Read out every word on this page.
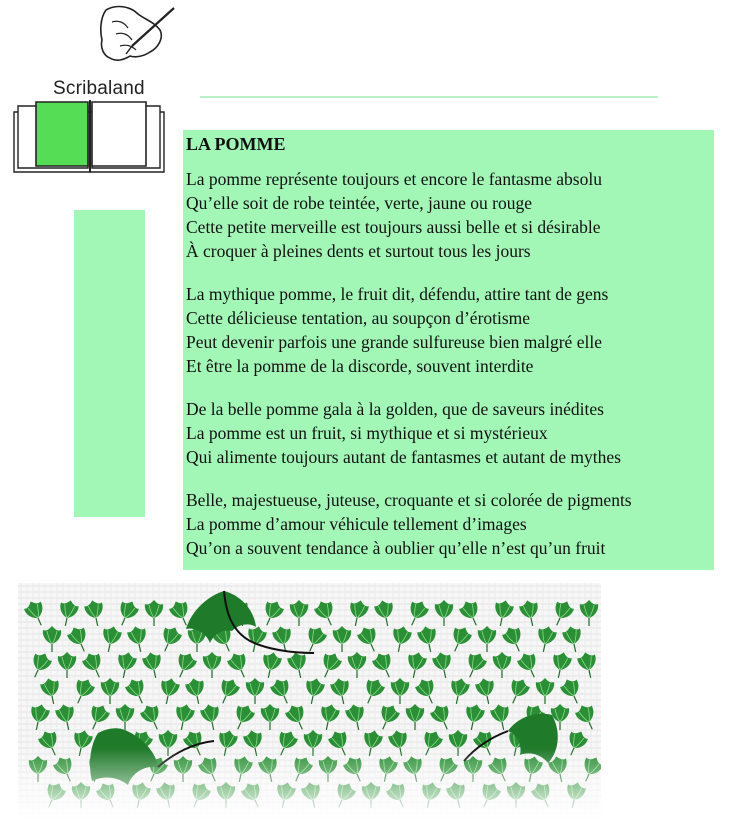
Scribaland
LA POMME
La pomme représente toujours et encore le fantasme absolu
Qu’elle soit de robe teintée, verte, jaune ou rouge
Cette petite merveille est toujours aussi belle et si désirable
À croquer à pleines dents et surtout tous les jours
La mythique pomme, le fruit dit, défendu, attire tant de gens
Cette délicieuse tentation, au soupçon d’érotisme
Peut devenir parfois une grande sulfureuse bien malgré elle
Et être la pomme de la discorde, souvent interdite
De la belle pomme gala à la golden, que de saveurs inédites
La pomme est un fruit, si mythique et si mystérieux
Qui alimente toujours autant de fantasmes et autant de mythes
Belle, majestueuse, juteuse, croquante et si colorée de pigments
La pomme d’amour véhicule tellement d’images
Qu’on a souvent tendance à oublier qu’elle n’est qu’un fruit
